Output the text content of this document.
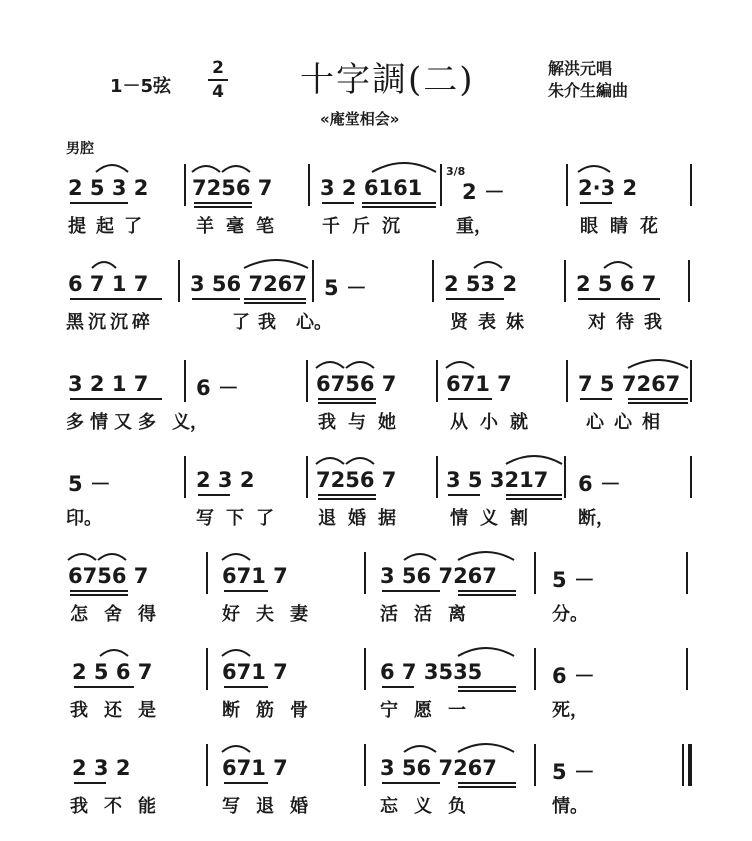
1－5弦
2
4 十字調(二)	解洪元唱
朱介生編曲
«庵堂相会»
男腔
2 5 3 2 7256 7 3 2 6161
3/8
2 －	2·3 2
提起了 羊毫笔 千斤沉 重，	眼睛花
6 7 1 7 3 56 7267 5 －	2 53 2	2 5 6 7
黑沉沉碎	了我 心。	贤表妹	对待我
3 2 1 7 6 －	6756 7 671 7	7 5 7267
多情又多 义，	我与她 从小就	心心相
5 －	2 3 2	7256 7 3 5 3217 6 －
印。	写下了 退婚据 情义割 断，
6756 7	671 7	3 56 7267	5 －
怎舍得	好夫妻	活活离	分。
2 5 6 7	671 7	6 7 3535	6 －
我还是	断筋骨	宁愿一	死，
2 3 2	671 7	3 56 7267	5 －
我不能	写退婚	忘义负	情。
